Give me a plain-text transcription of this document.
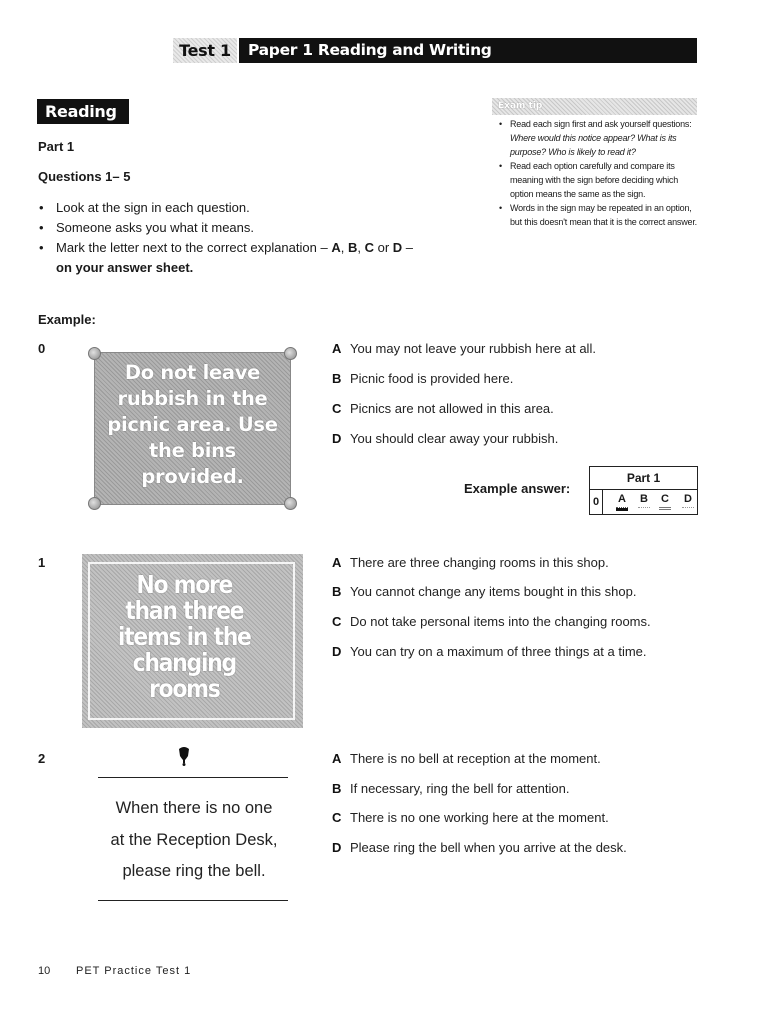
Test 1	Paper 1 Reading and Writing
Reading
Part 1
Questions 1– 5
• Look at the sign in each question.
• Someone asks you what it means.
• Mark the letter next to the correct explanation – A, B, C or D –
on your answer sheet.
Exam tip
• Read each sign first and ask yourself questions: Where would this notice appear? What is its purpose? Who is likely to read it?
• Read each option carefully and compare its meaning with the sign before deciding which option means the same as the sign.
• Words in the sign may be repeated in an option, but this doesn't mean that it is the correct answer.
Example:
0
Do not leave
rubbish in the
picnic area. Use
the bins
provided.
A You may not leave your rubbish here at all.
B Picnic food is provided here.
C Picnics are not allowed in this area.
D You should clear away your rubbish.
Example answer:
Part 1
0 A B C D
1
No more
than three
items in the
changing
rooms
A There are three changing rooms in this shop.
B You cannot change any items bought in this shop.
C Do not take personal items into the changing rooms.
D You can try on a maximum of three things at a time.
2
When there is no one
at the Reception Desk,
please ring the bell.
A There is no bell at reception at the moment.
B If necessary, ring the bell for attention.
C There is no one working here at the moment.
D Please ring the bell when you arrive at the desk.
10 PET Practice Test 1
